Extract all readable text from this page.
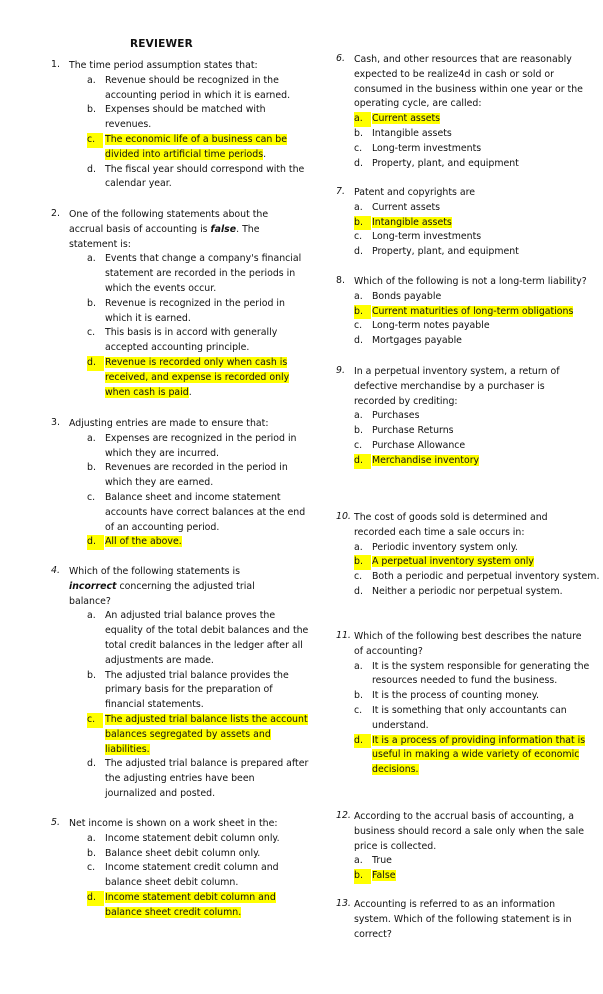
REVIEWER
1. The time period assumption states that:
a. Revenue should be recognized in the accounting period in which it is earned.
b. Expenses should be matched with revenues.
c.	The economic life of a business can be divided into artificial time periods.
d. The fiscal year should correspond with the calendar year.
2. One of the following statements about the accrual basis of accounting is false. The statement is:
a. Events that change a company's financial statement are recorded in the periods in which the events occur.
b. Revenue is recognized in the period in which it is earned.
c. This basis is in accord with generally accepted accounting principle.
d. Revenue is recorded only when cash is received, and expense is recorded only when cash is paid.
3. Adjusting entries are made to ensure that:
a. Expenses are recognized in the period in which they are incurred.
b. Revenues are recorded in the period in which they are earned.
c. Balance sheet and income statement accounts have correct balances at the end of an accounting period.
d. All of the above.
4. Which of the following statements is incorrect concerning the adjusted trial balance?
a. An adjusted trial balance proves the equality of the total debit balances and the total credit balances in the ledger after all adjustments are made.
b. The adjusted trial balance provides the primary basis for the preparation of financial statements.
c.	The adjusted trial balance lists the account balances segregated by assets and liabilities.
d. The adjusted trial balance is prepared after the adjusting entries have been journalized and posted.
5. Net income is shown on a work sheet in the:
a. Income statement debit column only.
b. Balance sheet debit column only.
c. Income statement credit column and balance sheet debit column.
d. Income statement debit column and balance sheet credit column.
6. Cash, and other resources that are reasonably expected to be realize4d in cash or sold or consumed in the business within one year or the operating cycle, are called:
a. Current assets
b. Intangible assets
c. Long-term investments
d. Property, plant, and equipment
7. Patent and copyrights are
a. Current assets
b. Intangible assets
c. Long-term investments
d. Property, plant, and equipment
8. Which of the following is not a long-term liability?
a. Bonds payable
b. Current maturities of long-term obligations
c. Long-term notes payable
d. Mortgages payable
9. In a perpetual inventory system, a return of defective merchandise by a purchaser is recorded by crediting:
a. Purchases
b. Purchase Returns
c. Purchase Allowance
d. Merchandise inventory
10. The cost of goods sold is determined and recorded each time a sale occurs in:
a. Periodic inventory system only.
b. A perpetual inventory system only
c. Both a periodic and perpetual inventory system.
d. Neither a periodic nor perpetual system.
11. Which of the following best describes the nature of accounting?
a. It is the system responsible for generating the resources needed to fund the business.
b. It is the process of counting money.
c. It is something that only accountants can understand.
d. It is a process of providing information that is useful in making a wide variety of economic decisions.
12. According to the accrual basis of accounting, a business should record a sale only when the sale price is collected.
a. True
b. False
13. Accounting is referred to as an information system. Which of the following statement is in correct?
